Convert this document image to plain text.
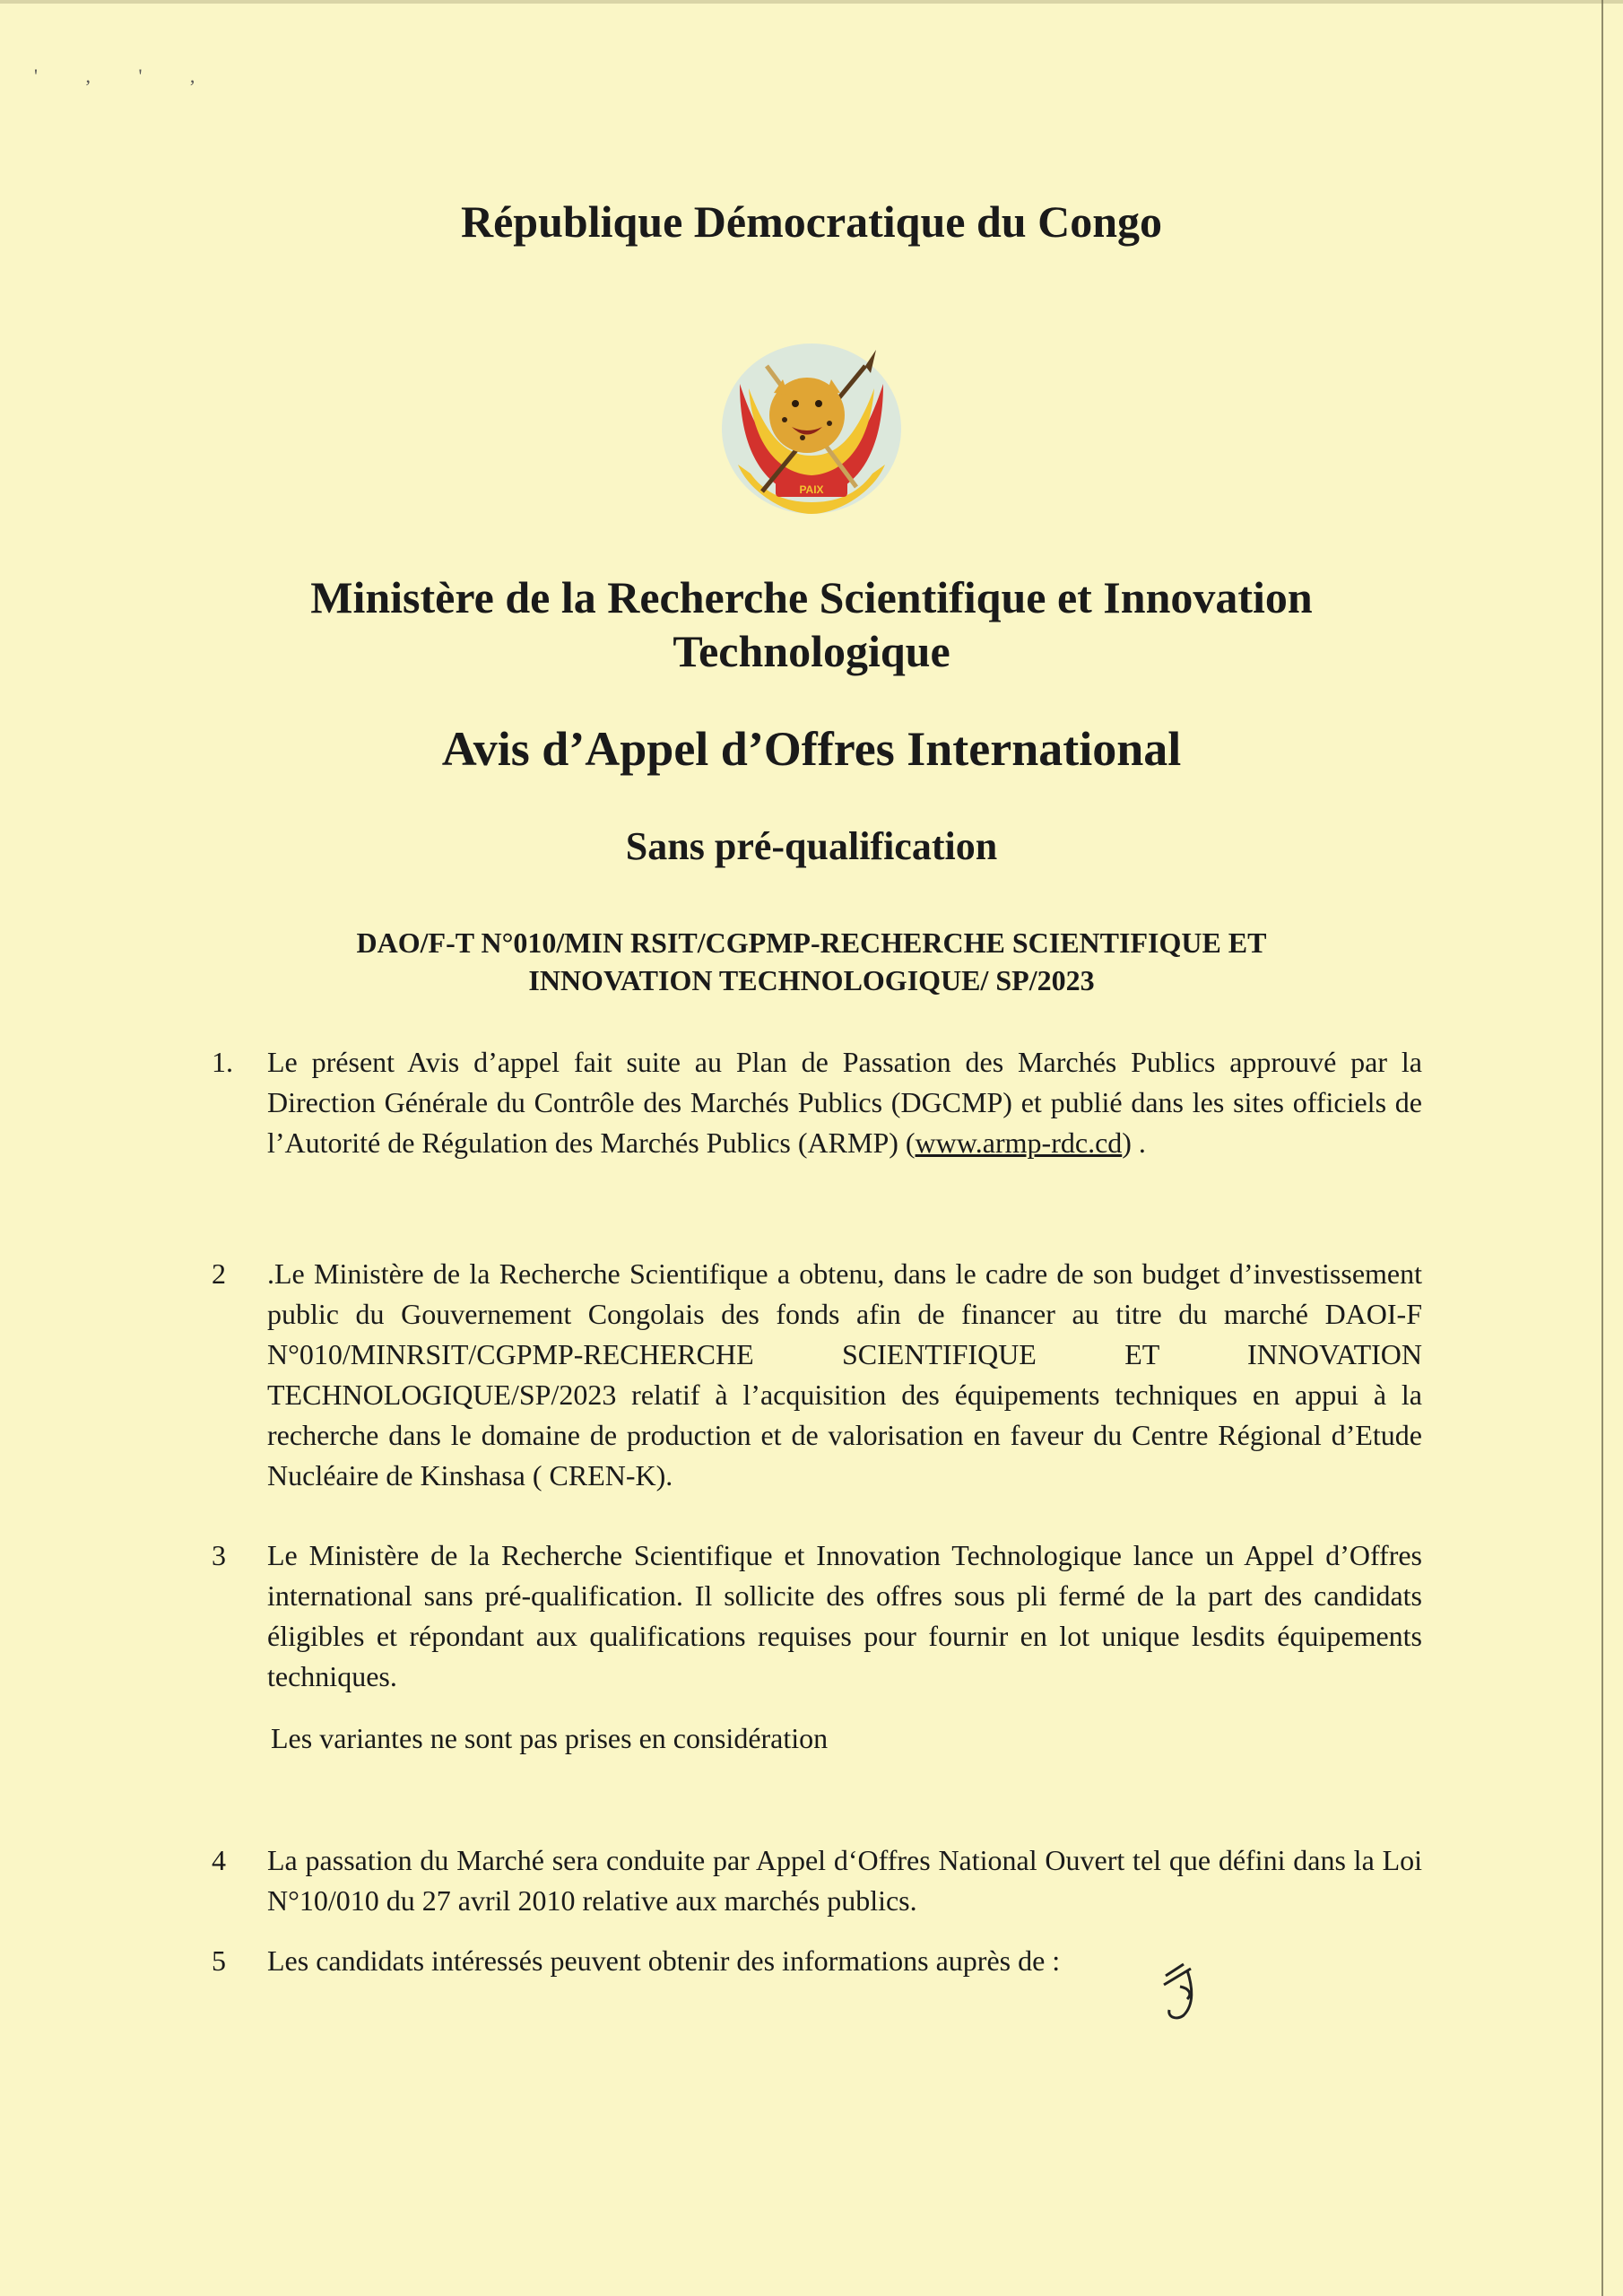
' , ' ,
République Démocratique du Congo
PAIX
Ministère de la Recherche Scientifique et Innovation
Technologique
Avis d’Appel d’Offres International
Sans pré-qualification
DAO/F-T N°010/MIN RSIT/CGPMP-RECHERCHE SCIENTIFIQUE ET
INNOVATION TECHNOLOGIQUE/ SP/2023
1. Le présent Avis d’appel fait suite au Plan de Passation des Marchés Publics approuvé par la Direction Générale du Contrôle des Marchés Publics (DGCMP) et publié dans les sites officiels de l’Autorité de Régulation des Marchés Publics (ARMP) (www.armp-rdc.cd) .
2 .Le Ministère de la Recherche Scientifique a obtenu, dans le cadre de son budget d’investissement public du Gouvernement Congolais des fonds afin de financer au titre du marché DAOI-F N°010/MINRSIT/CGPMP-RECHERCHE SCIENTIFIQUE ET INNOVATION TECHNOLOGIQUE/SP/2023 relatif à l’acquisition des équipements techniques en appui à la recherche dans le domaine de production et de valorisation en faveur du Centre Régional d’Etude Nucléaire de Kinshasa ( CREN-K).
3 Le Ministère de la Recherche Scientifique et Innovation Technologique lance un Appel d’Offres international sans pré-qualification. Il sollicite des offres sous pli fermé de la part des candidats éligibles et répondant aux qualifications requises pour fournir en lot unique lesdits équipements techniques.
Les variantes ne sont pas prises en considération
4 La passation du Marché sera conduite par Appel d‘Offres National Ouvert tel que défini dans la Loi N°10/010 du 27 avril 2010 relative aux marchés publics.
5 Les candidats intéressés peuvent obtenir des informations auprès de :
